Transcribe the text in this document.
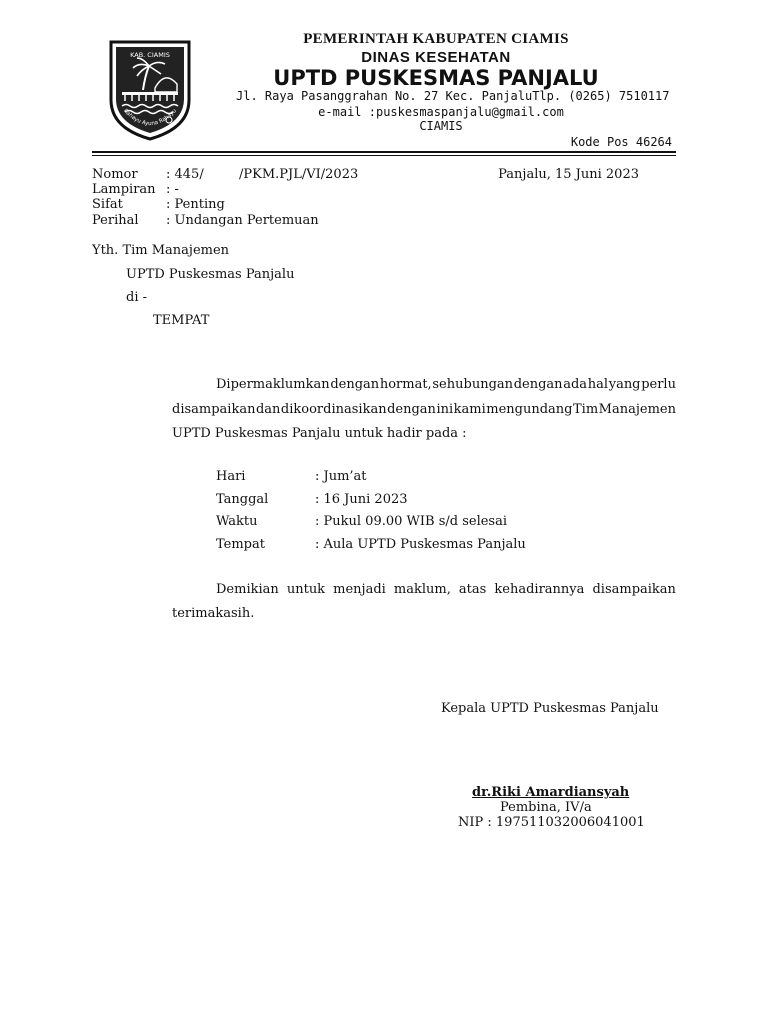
KAB. CIAMIS
Rahayu Ayuna Rahayu
PEMERINTAH KABUPATEN CIAMIS
DINAS KESEHATAN
UPTD PUSKESMAS PANJALU
Jl. Raya Pasanggrahan No. 27 Kec. PanjaluTlp. (0265) 7510117
e-mail :puskesmaspanjalu@gmail.com
CIAMIS
Kode Pos 46264
Nomor : 445/	/PKM.PJL/VI/2023	Panjalu, 15 Juni 2023
Lampiran : -
Sifat	: Penting
Perihal : Undangan Pertemuan
Yth. Tim Manajemen
UPTD Puskesmas Panjalu
di -
TEMPAT
Dipermaklumkan dengan hormat, sehubungan dengan ada hal yang perlu
disampaikan dan dikoordinasikan dengan ini kami mengundang Tim Manajemen
UPTD Puskesmas Panjalu untuk hadir pada :
Hari	: Jum’at
Tanggal	: 16 Juni 2023
Waktu	: Pukul 09.00 WIB s/d selesai
Tempat	: Aula UPTD Puskesmas Panjalu
Demikian untuk menjadi maklum, atas kehadirannya disampaikan
terimakasih.
Kepala UPTD Puskesmas Panjalu
dr.Riki Amardiansyah
Pembina, IV/a
NIP : 197511032006041001
